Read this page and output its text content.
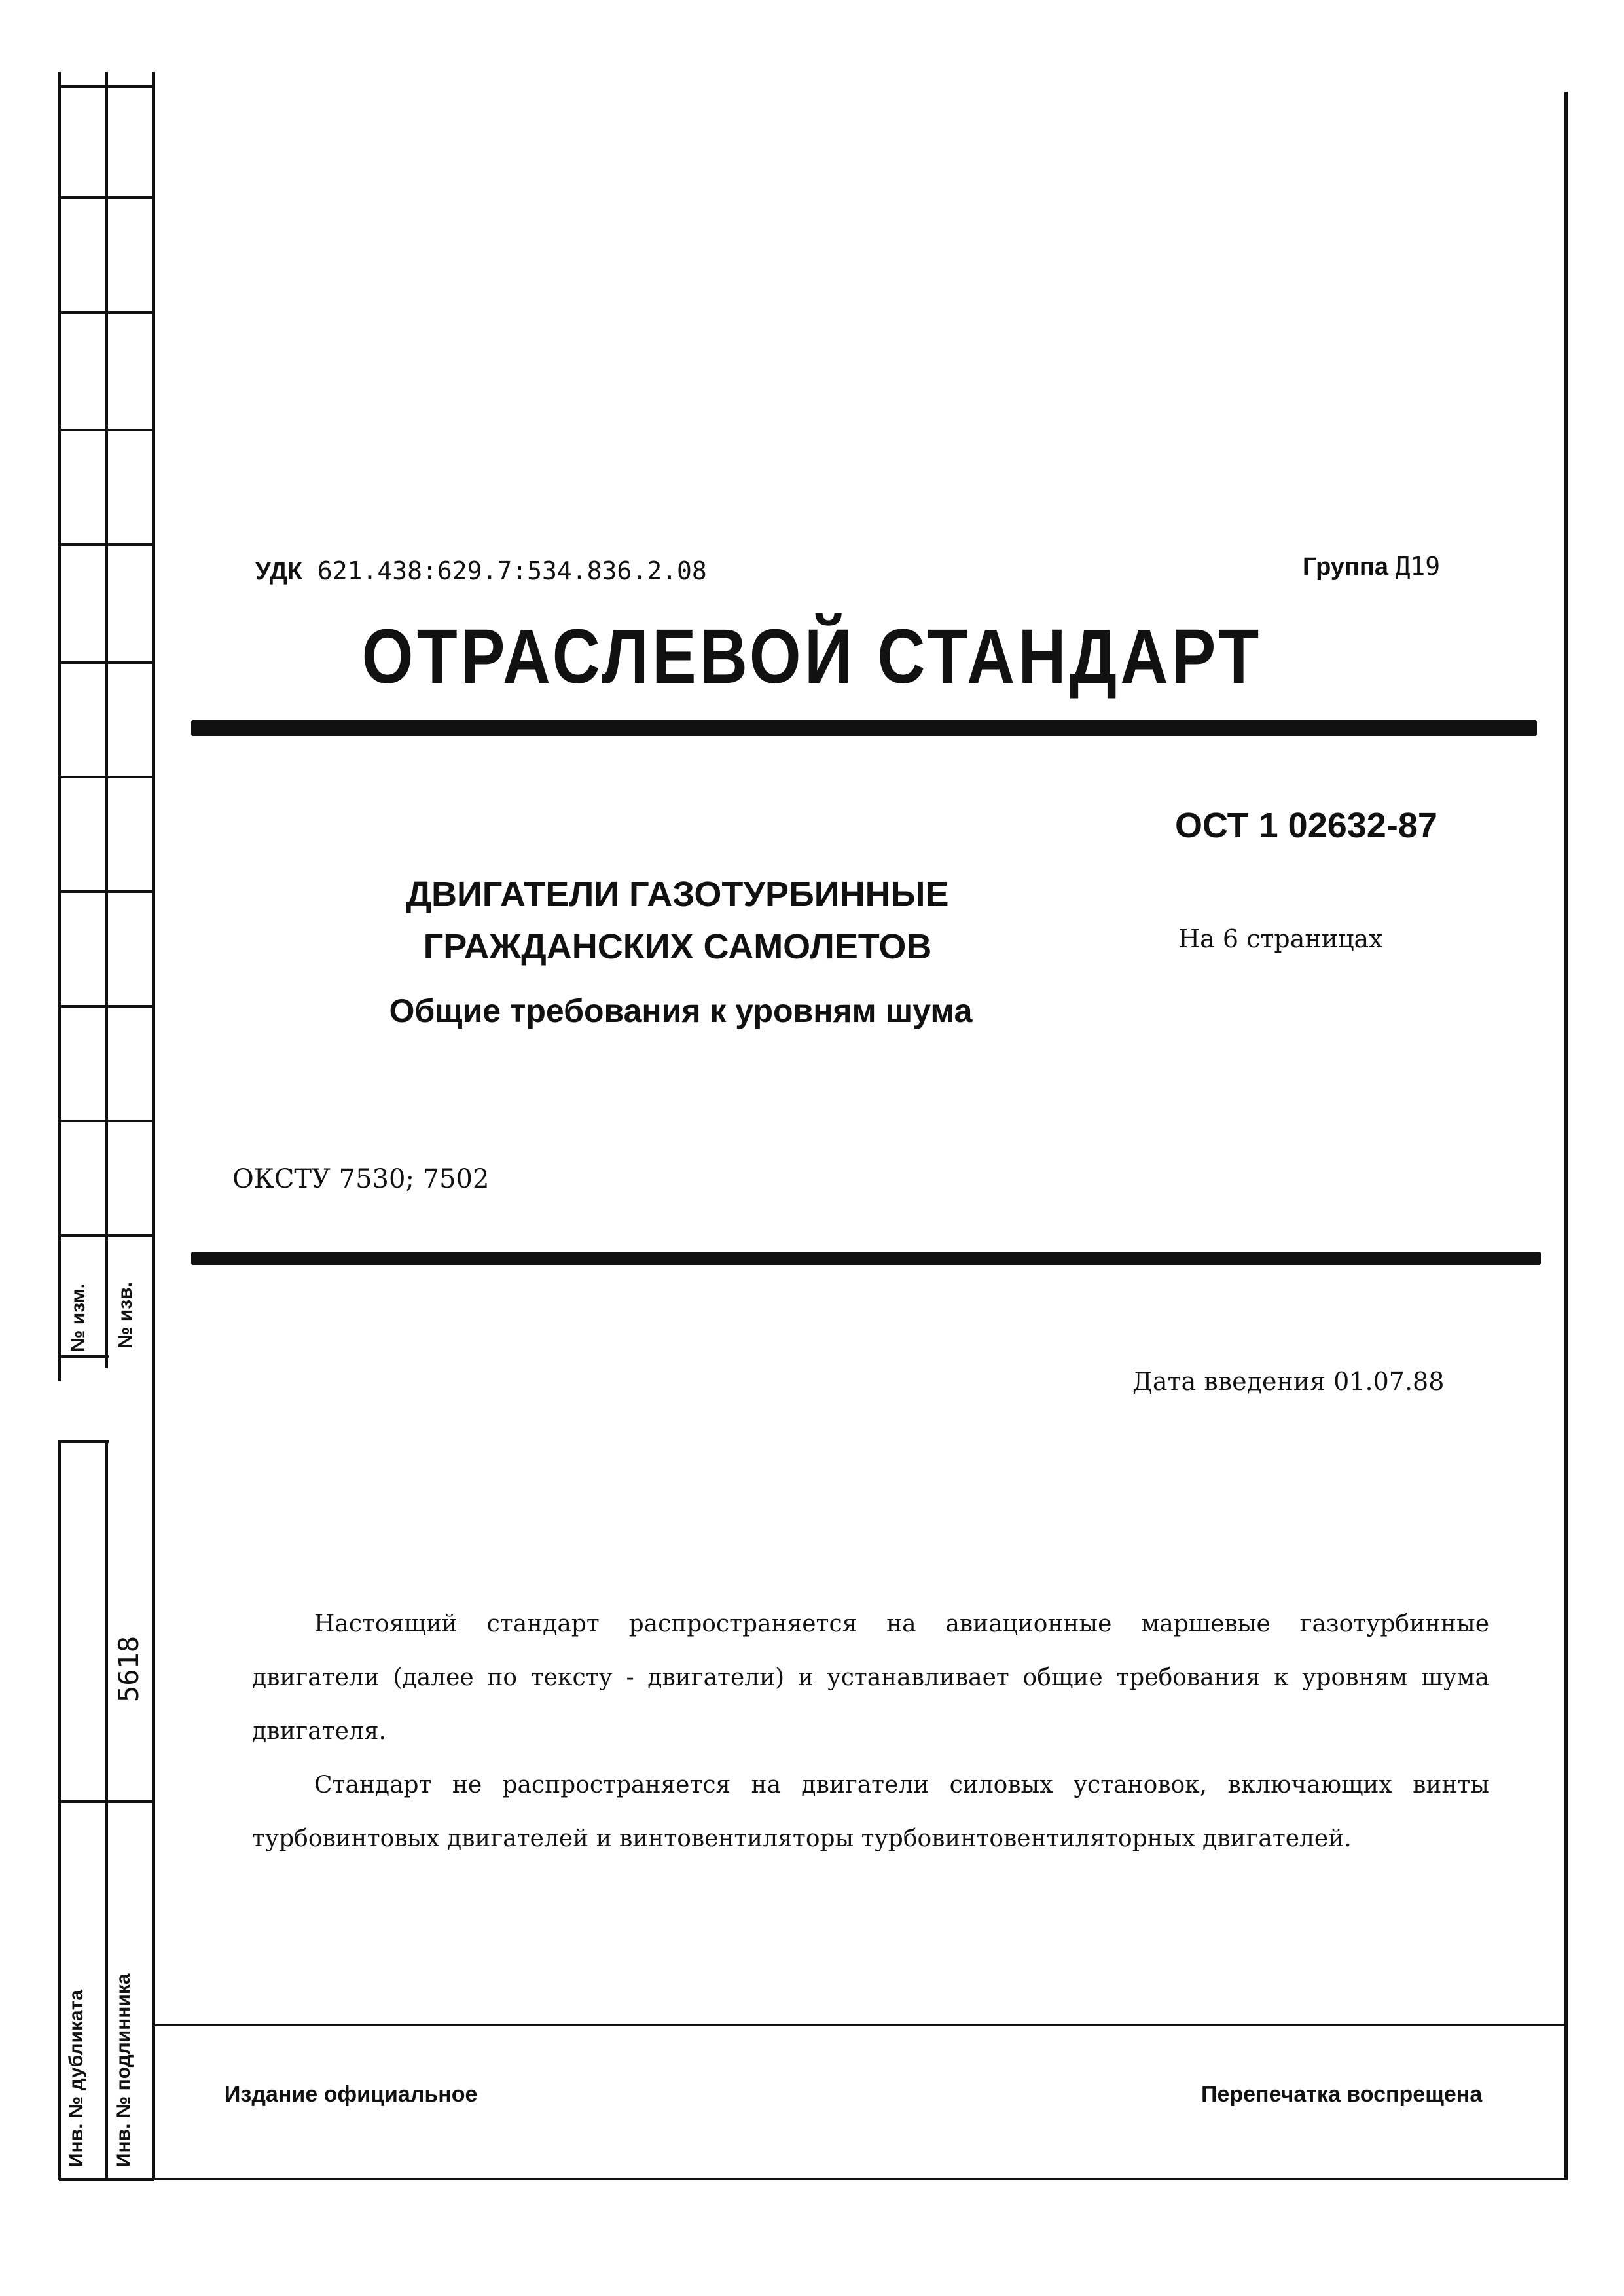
№ изм. № изв.
5618
Инв. № дубликата Инв. № подлинника
УДК 621.438:629.7:534.836.2.08	Группа Д19
ОТРАСЛЕВОЙ СТАНДАРТ
ОСТ 1 02632-87
На 6 страницах
ДВИГАТЕЛИ ГАЗОТУРБИННЫЕ
ГРАЖДАНСКИХ САМОЛЕТОВ
Общие требования к уровням шума
ОКСТУ 7530; 7502
Дата введения 01.07.88

Настоящий стандарт распространяется на авиационные маршевые газотурбинные двигатели (далее по тексту - двигатели) и устанавливает общие требования к уровням шума двигателя.

Стандарт не распространяется на двигатели силовых установок, включающих винты турбовинтовых двигателей и винтовентиляторы турбовинтовентиляторных двигателей.

Издание официальное	Перепечатка воспрещена
